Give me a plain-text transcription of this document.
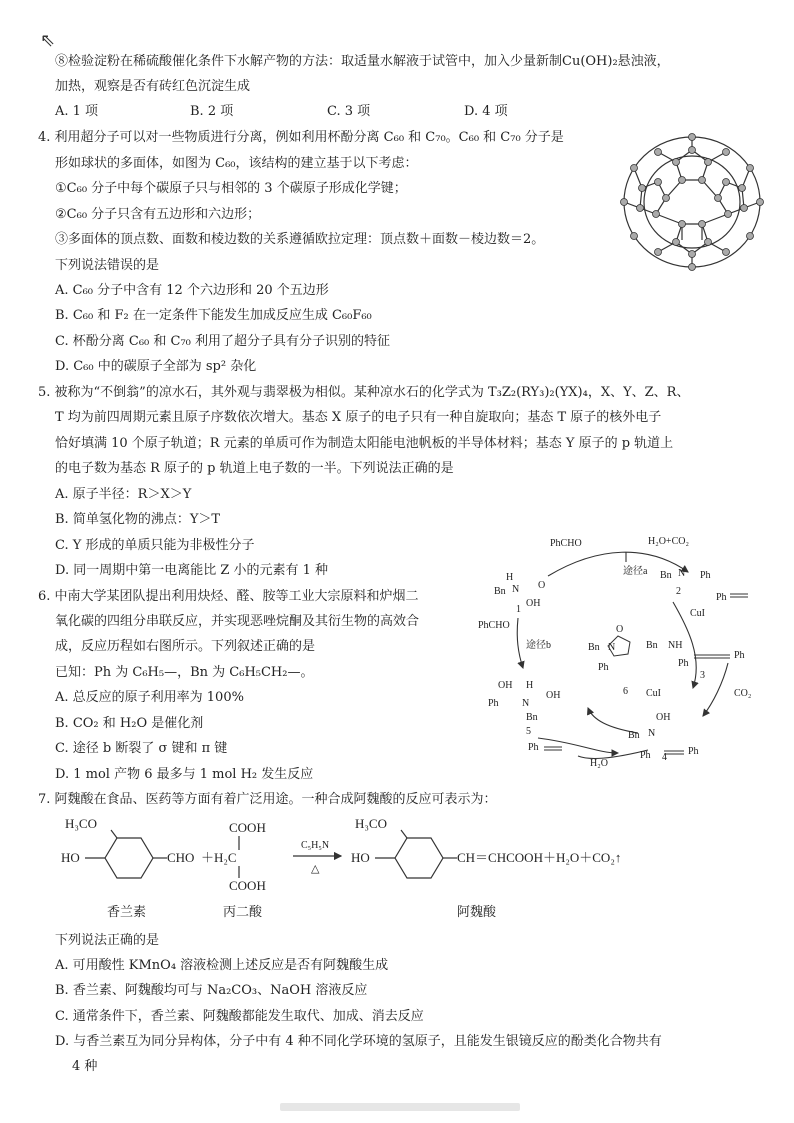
⇖
⑧检验淀粉在稀硫酸催化条件下水解产物的方法：取适量水解液于试管中，加入少量新制Cu(OH)₂悬浊液，
加热，观察是否有砖红色沉淀生成
A. 1 项	B. 2 项	C. 3 项	D. 4 项
4. 利用超分子可以对一些物质进行分离，例如利用杯酚分离 C₆₀ 和 C₇₀。C₆₀ 和 C₇₀ 分子是
形如球状的多面体，如图为 C₆₀，该结构的建立基于以下考虑：
①C₆₀ 分子中每个碳原子只与相邻的 3 个碳原子形成化学键；
②C₆₀ 分子只含有五边形和六边形；
③多面体的顶点数、面数和棱边数的关系遵循欧拉定理：顶点数＋面数－棱边数＝2。
下列说法错误的是
A. C₆₀ 分子中含有 12 个六边形和 20 个五边形
B. C₆₀ 和 F₂ 在一定条件下能发生加成反应生成 C₆₀F₆₀
C. 杯酚分离 C₆₀ 和 C₇₀ 利用了超分子具有分子识别的特征
D. C₆₀ 中的碳原子全部为 sp² 杂化
5. 被称为“不倒翁”的凉水石，其外观与翡翠极为相似。某种凉水石的化学式为 T₃Z₂(RY₃)₂(YX)₄，X、Y、Z、R、
T 均为前四周期元素且原子序数依次增大。基态 X 原子的电子只有一种自旋取向；基态 T 原子的核外电子
恰好填满 10 个原子轨道；R 元素的单质可作为制造太阳能电池帆板的半导体材料；基态 Y 原子的 p 轨道上
的电子数为基态 R 原子的 p 轨道上电子数的一半。下列说法正确的是
A. 原子半径：R＞X＞Y
B. 简单氢化物的沸点：Y＞T
C. Y 形成的单质只能为非极性分子
D. 同一周期中第一电离能比 Z 小的元素有 1 种
6. 中南大学某团队提出利用炔烃、醛、胺等工业大宗原料和炉烟二
氧化碳的四组分串联反应，并实现恶唑烷酮及其衍生物的高效合
成，反应历程如右图所示。下列叙述正确的是
已知：Ph 为 C₆H₅—，Bn 为 C₆H₅CH₂—。
A. 总反应的原子利用率为 100%
B. CO₂ 和 H₂O 是催化剂
C. 途径 b 断裂了 σ 键和 π 键
D. 1 mol 产物 6 最多与 1 mol H₂ 发生反应
PhCHO	H₂O+CO₂
途径a
H
Bn N O
OH
1
Bn N Ph
2
Ph
CuI
Bn NH
Ph
Ph
3
CO₂
PhCHO
途径b	Bn N
O
Ph
6 CuI
OH H
OH
Ph N
Bn
5
OH
Bn N
Ph	Ph
4
Ph
H₂O
7. 阿魏酸在食品、医药等方面有着广泛用途。一种合成阿魏酸的反应可表示为：
H₃CO
HO	CHO ＋H₂C
COOH
COOH
C₅H₅N
△
H₃CO
HO	CH＝CHCOOH＋H₂O＋CO₂↑
香兰素	丙二酸	阿魏酸
下列说法正确的是
A. 可用酸性 KMnO₄ 溶液检测上述反应是否有阿魏酸生成
B. 香兰素、阿魏酸均可与 Na₂CO₃、NaOH 溶液反应
C. 通常条件下，香兰素、阿魏酸都能发生取代、加成、消去反应
D. 与香兰素互为同分异构体，分子中有 4 种不同化学环境的氢原子，且能发生银镜反应的酚类化合物共有
4 种
